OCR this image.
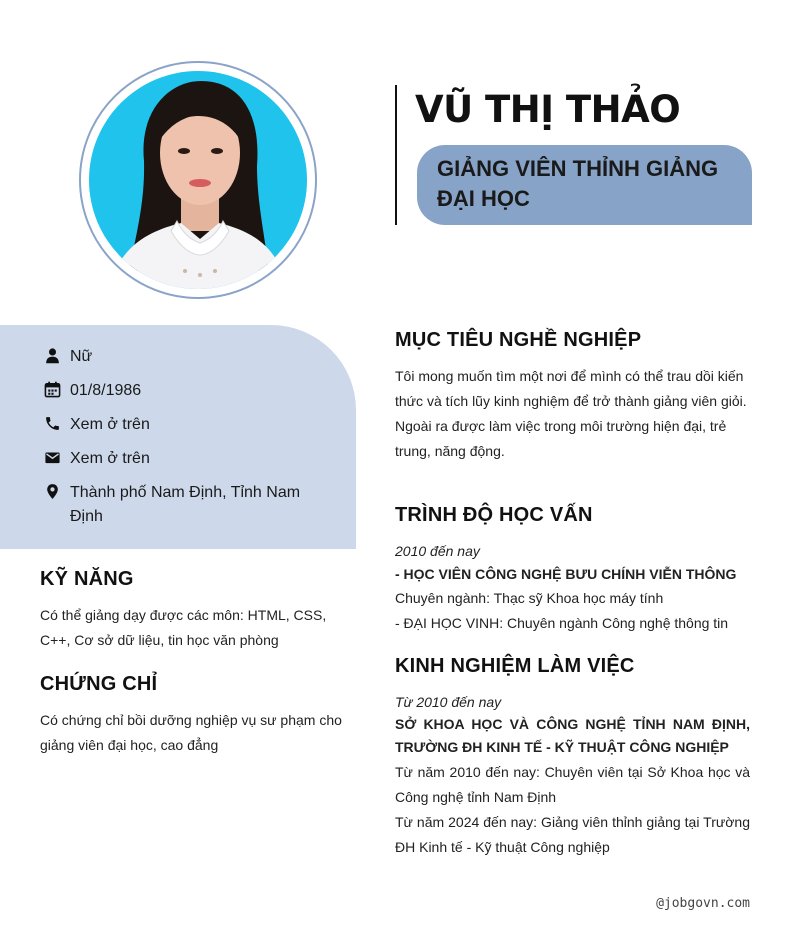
VŨ THỊ THẢO
GIẢNG VIÊN THỈNH GIẢNG
ĐẠI HỌC
Nữ
01/8/1986
Xem ở trên
Xem ở trên
Thành phố Nam Định, Tỉnh Nam Định
KỸ NĂNG
Có thể giảng dạy được các môn: HTML, CSS, C++, Cơ sở dữ liệu, tin học văn phòng
CHỨNG CHỈ
Có chứng chỉ bồi dưỡng nghiệp vụ sư phạm cho giảng viên đại học, cao đẳng
MỤC TIÊU NGHỀ NGHIỆP
Tôi mong muốn tìm một nơi để mình có thể trau dồi kiến thức và tích lũy kinh nghiệm để trở thành giảng viên giỏi. Ngoài ra được làm việc trong môi trường hiện đại, trẻ trung, năng động.
TRÌNH ĐỘ HỌC VẤN
2010 đến nay
- HỌC VIÊN CÔNG NGHỆ BƯU CHÍNH VIỄN THÔNG
Chuyên ngành: Thạc sỹ Khoa học máy tính
- ĐẠI HỌC VINH: Chuyên ngành Công nghệ thông tin
KINH NGHIỆM LÀM VIỆC
Từ 2010 đến nay
SỞ KHOA HỌC VÀ CÔNG NGHỆ TỈNH NAM ĐỊNH, TRƯỜNG ĐH KINH TẾ - KỸ THUẬT CÔNG NGHIỆP
Từ năm 2010 đến nay: Chuyên viên tại Sở Khoa học và Công nghệ tỉnh Nam Định
Từ năm 2024 đến nay: Giảng viên thỉnh giảng tại Trường ĐH Kinh tế - Kỹ thuật Công nghiệp
@jobgovn.com
